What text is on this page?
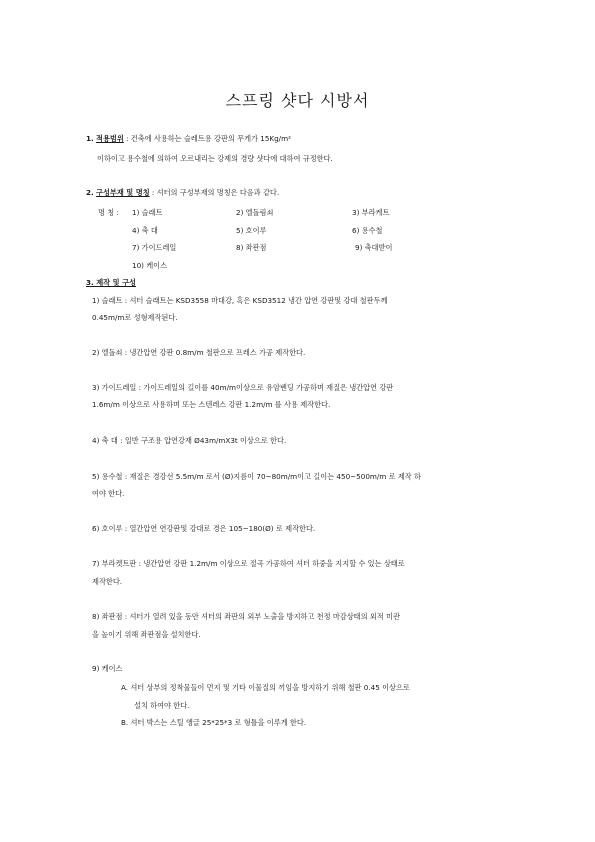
스프링 샷다 시방서
1. 적용범위 : 건축에 사용하는 슬레트용 강판의 무게가 15Kg/m²
이하이고 용수철에 의하여 오르내리는 강제의 경량 샷다에 대하여 규정한다.
2. 구성부재 및 명칭 : 셔터의 구성부재의 명칭은 다음과 같다.
명 칭 : 1) 슬래트	2) 엘돌림쇠	3) 부라케트
4) 축 대	5) 호이루	6) 용수철
7) 가이드레일	8) 좌판점	9) 축대받이
10) 케이스
3. 제작 및 구성
1) 슬래트 : 셔터 슬래트는 KSD3558 마대강, 혹은 KSD3512 냉간 압연 강판및 강대 철판두께
0.45m/m로 성형제작된다.
2) 엘돌쇠 : 냉간압연 강판 0.8m/m 철판으로 프레스 가공 제작한다.
3) 가이드레일 : 가이드레일의 길이를 40m/m이상으로 유암벤딩 가공하며 재질은 냉간압연 강판
1.6m/m 이상으로 사용하며 또는 스텐레스 강판 1.2m/m 를 사용 제작한다.
4) 축 대 : 일반 구조용 압연강재 Ø43m/mX3t 이상으로 한다.
5) 용수철 : 재질은 경강선 5.5m/m 로서 (Ø)지름이 70~80m/m이고 길이는 450~500m/m 로 제작 하
여야 한다.
6) 호이루 : 열간압연 연강판및 강대로 경은 105~180(Ø) 로 제작한다.
7) 부라켓트판 : 냉간압연 강판 1.2m/m 이상으로 절곡 가공하여 셔터 하중을 지지할 수 있는 상태로
제작한다.
8) 좌판점 : 셔터가 열려 있을 동안 셔터의 좌판의 외부 노출을 방지하고 천정 마감상태의 외적 미관
을 높이기 위해 좌판점을 설치한다.
9) 케이스
A. 셔터 상부의 정착물들이 먼지 및 기타 이물질의 끼임을 방지하기 위해 철판 0.45 이상으로
설치 하여야 한다.
B. 셔터 박스는 스틸 앵글 25*25*3 로 형틀을 이루게 한다.
